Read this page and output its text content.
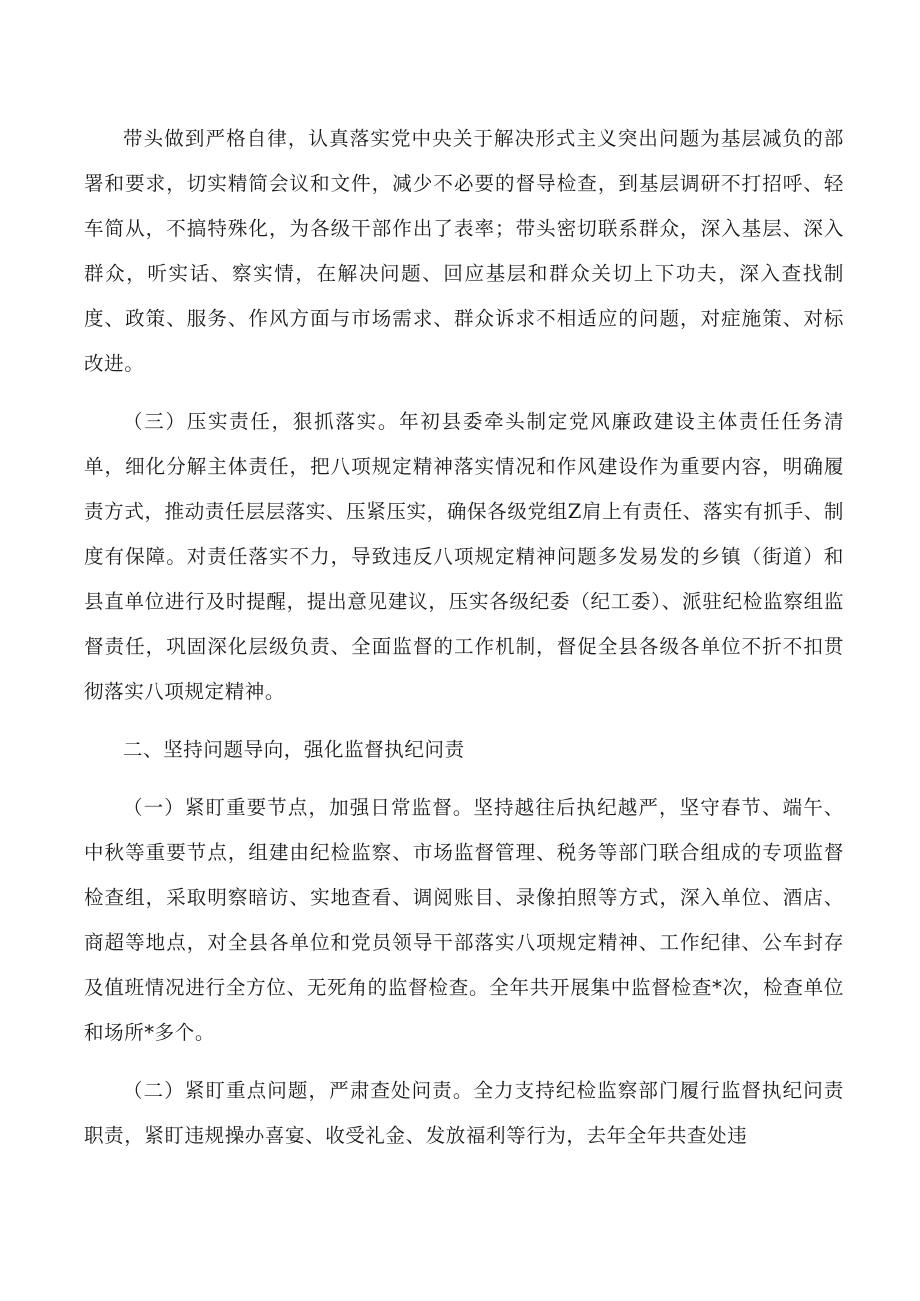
带头做到严格自律，认真落实党中央关于解决形式主义突出问题为基层减负的部署和要求，切实精简会议和文件，减少不必要的督导检查，到基层调研不打招呼、轻车简从，不搞特殊化，为各级干部作出了表率；带头密切联系群众，深入基层、深入群众，听实话、察实情，在解决问题、回应基层和群众关切上下功夫，深入查找制度、政策、服务、作风方面与市场需求、群众诉求不相适应的问题，对症施策、对标改进。

（三）压实责任，狠抓落实。年初县委牵头制定党风廉政建设主体责任任务清单，细化分解主体责任，把八项规定精神落实情况和作风建设作为重要内容，明确履责方式，推动责任层层落实、压紧压实，确保各级党组Z肩上有责任、落实有抓手、制度有保障。对责任落实不力，导致违反八项规定精神问题多发易发的乡镇（街道）和县直单位进行及时提醒，提出意见建议，压实各级纪委（纪工委）、派驻纪检监察组监督责任，巩固深化层级负责、全面监督的工作机制，督促全县各级各单位不折不扣贯彻落实八项规定精神。

二、坚持问题导向，强化监督执纪问责

（一）紧盯重要节点，加强日常监督。坚持越往后执纪越严，坚守春节、端午、中秋等重要节点，组建由纪检监察、市场监督管理、税务等部门联合组成的专项监督检查组，采取明察暗访、实地查看、调阅账目、录像拍照等方式，深入单位、酒店、商超等地点，对全县各单位和党员领导干部落实八项规定精神、工作纪律、公车封存及值班情况进行全方位、无死角的监督检查。全年共开展集中监督检查*次，检查单位和场所*多个。

（二）紧盯重点问题，严肃查处问责。全力支持纪检监察部门履行监督执纪问责职责，紧盯违规操办喜宴、收受礼金、发放福利等行为，去年全年共查处违
